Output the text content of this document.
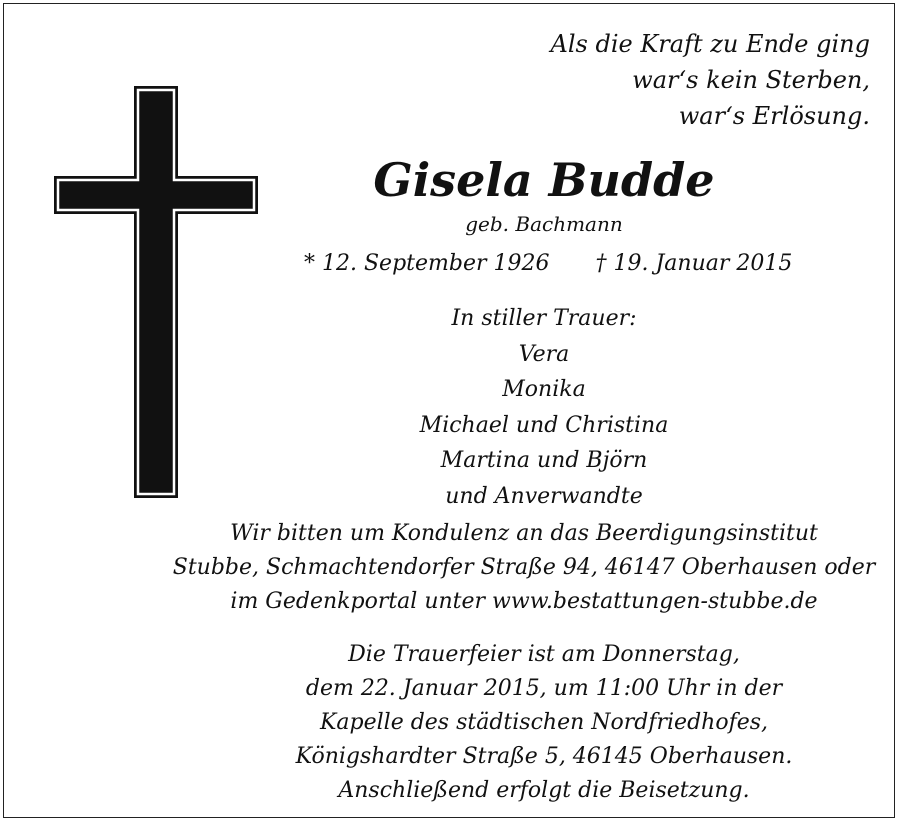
Als die Kraft zu Ende ging
war‘s kein Sterben,
war‘s Erlösung.
Gisela Budde
geb. Bachmann
* 12. September 1926 † 19. Januar 2015
In stiller Trauer:
Vera
Monika
Michael und Christina
Martina und Björn
und Anverwandte
Wir bitten um Kondulenz an das Beerdigungsinstitut
Stubbe, Schmachtendorfer Straße 94, 46147 Oberhausen oder
im Gedenkportal unter www.bestattungen-stubbe.de
Die Trauerfeier ist am Donnerstag,
dem 22. Januar 2015, um 11:00 Uhr in der
Kapelle des städtischen Nordfriedhofes,
Königshardter Straße 5, 46145 Oberhausen.
Anschließend erfolgt die Beisetzung.
